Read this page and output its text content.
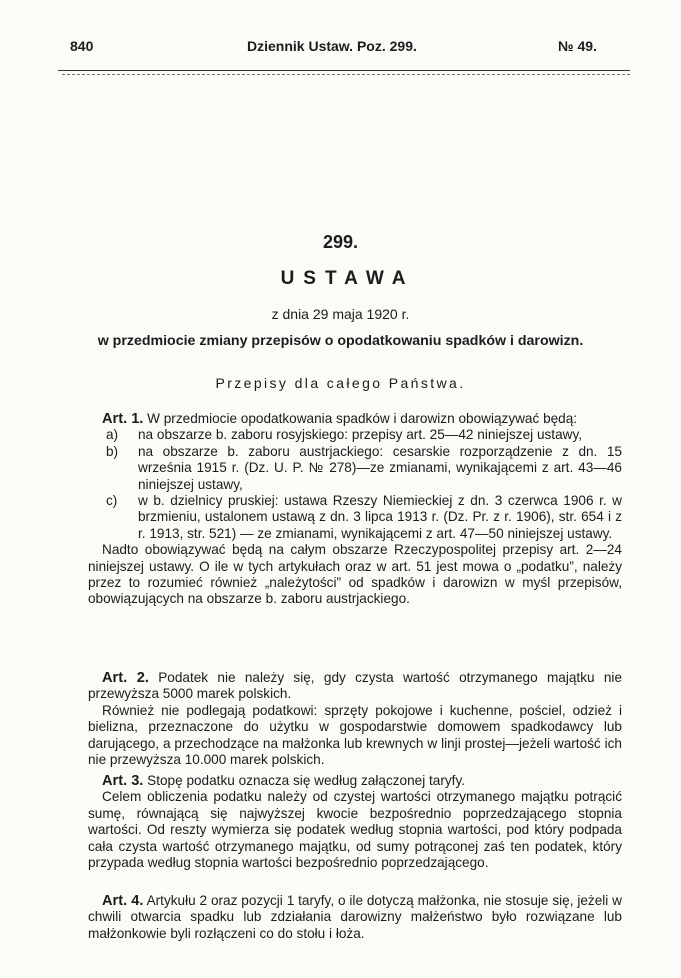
840	Dziennik Ustaw. Poz. 299.	№ 49.
299.
USTAWA
z dnia 29 maja 1920 r.
w przedmiocie zmiany przepisów o opodatkowaniu spadków i darowizn.
Przepisy dla całego Państwa.

Art. 1. W przedmiocie opodatkowania spadków i darowizn obowiązywać będą:

a)	na obszarze b. zaboru rosyjskiego: przepisy art. 25—42 niniejszej ustawy,
b)	na obszarze b. zaboru austrjackiego: cesarskie rozporządzenie z dn. 15 września 1915 r. (Dz. U. P. № 278)—ze zmianami, wynikającemi z art. 43—46 niniejszej ustawy,
c)	w b. dzielnicy pruskiej: ustawa Rzeszy Niemieckiej z dn. 3 czerwca 1906 r. w brzmieniu, ustalonem ustawą z dn. 3 lipca 1913 r. (Dz. Pr. z r. 1906), str. 654 i z r. 1913, str. 521) — ze zmianami, wynikającemi z art. 47—50 niniejszej ustawy.

Nadto obowiązywać będą na całym obszarze Rzeczypospolitej przepisy art. 2—24 niniejszej ustawy. O ile w tych artykułach oraz w art. 51 jest mowa o „podatku”, należy przez to rozumieć również „należytości” od spadków i darowizn w myśl przepisów, obowiązujących na obszarze b. zaboru austrjackiego.

Art. 2. Podatek nie należy się, gdy czysta wartość otrzymanego majątku nie przewyższa 5000 marek polskich.

Również nie podlegają podatkowi: sprzęty pokojowe i kuchenne, pościel, odzież i bielizna, przeznaczone do użytku w gospodarstwie domowem spadkodawcy lub darującego, a przechodzące na małżonka lub krewnych w linji prostej—jeżeli wartość ich nie przewyższa 10.000 marek polskich.

Art. 3. Stopę podatku oznacza się według załączonej taryfy.

Celem obliczenia podatku należy od czystej wartości otrzymanego majątku potrącić sumę, równającą się najwyższej kwocie bezpośrednio poprzedzającego stopnia wartości. Od reszty wymierza się podatek według stopnia wartości, pod który podpada cała czysta wartość otrzymanego majątku, od sumy potrąconej zaś ten podatek, który przypada według stopnia wartości bezpośrednio poprzedzającego.

Art. 4. Artykułu 2 oraz pozycji 1 taryfy, o ile dotyczą małżonka, nie stosuje się, jeżeli w chwili otwarcia spadku lub zdziałania darowizny małżeństwo było rozwiązane lub małżonkowie byli rozłączeni co do stołu i łoża.
